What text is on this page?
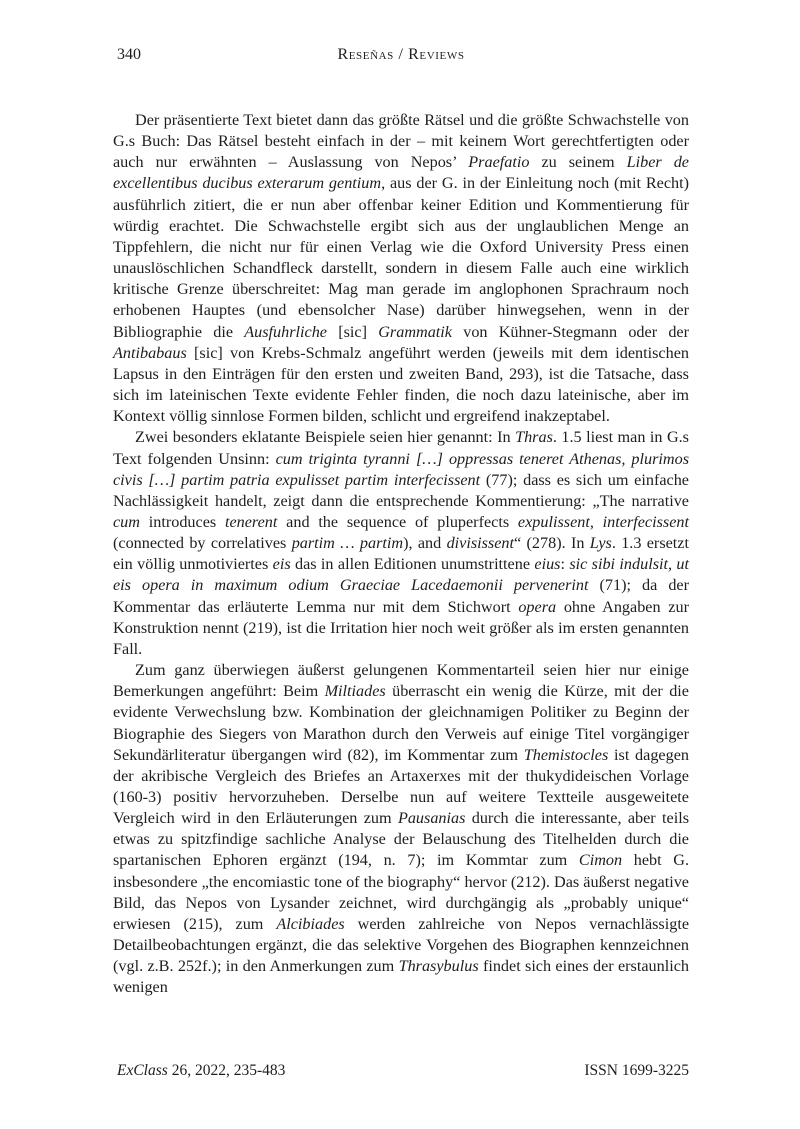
340	Reseñas / Reviews

Der präsentierte Text bietet dann das größte Rätsel und die größte Schwachstelle von G.s Buch: Das Rätsel besteht einfach in der – mit keinem Wort gerechtfertigten oder auch nur erwähnten – Auslassung von Nepos’ Praefatio zu seinem Liber de excellentibus ducibus exterarum gentium, aus der G. in der Einleitung noch (mit Recht) ausführlich zitiert, die er nun aber offenbar keiner Edition und Kommentierung für würdig erachtet. Die Schwachstelle ergibt sich aus der unglaublichen Menge an Tippfehlern, die nicht nur für einen Verlag wie die Oxford University Press einen unauslöschlichen Schandfleck darstellt, sondern in diesem Falle auch eine wirklich kritische Grenze überschreitet: Mag man gerade im anglophonen Sprachraum noch erhobenen Hauptes (und ebensolcher Nase) darüber hinwegsehen, wenn in der Bibliographie die Ausfuhrliche [sic] Grammatik von Kühner-Stegmann oder der Antibabaus [sic] von Krebs-Schmalz angeführt werden (jeweils mit dem identischen Lapsus in den Einträgen für den ersten und zweiten Band, 293), ist die Tatsache, dass sich im lateinischen Texte evidente Fehler finden, die noch dazu lateinische, aber im Kontext völlig sinnlose Formen bilden, schlicht und ergreifend inakzeptabel.

Zwei besonders eklatante Beispiele seien hier genannt: In Thras. 1.5 liest man in G.s Text folgenden Unsinn: cum triginta tyranni […] oppressas teneret Athenas, plurimos civis […] partim patria expulisset partim interfecissent (77); dass es sich um einfache Nachlässigkeit handelt, zeigt dann die entsprechende Kommentierung: „The narrative cum introduces tenerent and the sequence of pluperfects expulissent, interfecissent (connected by correlatives partim … partim), and divisissent“ (278). In Lys. 1.3 ersetzt ein völlig unmotiviertes eis das in allen Editionen unumstrittene eius: sic sibi indulsit, ut eis opera in maximum odium Graeciae Lacedaemonii pervenerint (71); da der Kommentar das erläuterte Lemma nur mit dem Stichwort opera ohne Angaben zur Konstruktion nennt (219), ist die Irritation hier noch weit größer als im ersten genannten Fall.

Zum ganz überwiegen äußerst gelungenen Kommentarteil seien hier nur einige Bemerkungen angeführt: Beim Miltiades überrascht ein wenig die Kürze, mit der die evidente Verwechslung bzw. Kombination der gleichnamigen Politiker zu Beginn der Biographie des Siegers von Marathon durch den Verweis auf einige Titel vorgängiger Sekundärliteratur übergangen wird (82), im Kommentar zum Themistocles ist dagegen der akribische Vergleich des Briefes an Artaxerxes mit der thukydideischen Vorlage (160-3) positiv hervorzuheben. Derselbe nun auf weitere Textteile ausgeweitete Vergleich wird in den Erläuterungen zum Pausanias durch die interessante, aber teils etwas zu spitzfindige sachliche Analyse der Belauschung des Titelhelden durch die spartanischen Ephoren ergänzt (194, n. 7); im Kommtar zum Cimon hebt G. insbesondere „the encomiastic tone of the biography“ hervor (212). Das äußerst negative Bild, das Nepos von Lysander zeichnet, wird durchgängig als „probably unique“ erwiesen (215), zum Alcibiades werden zahlreiche von Nepos vernachlässigte Detailbeobachtungen ergänzt, die das selektive Vorgehen des Biographen kennzeichnen (vgl. z.B. 252f.); in den Anmerkungen zum Thrasybulus findet sich eines der erstaunlich wenigen

ExClass 26, 2022, 235-483	ISSN 1699-3225
